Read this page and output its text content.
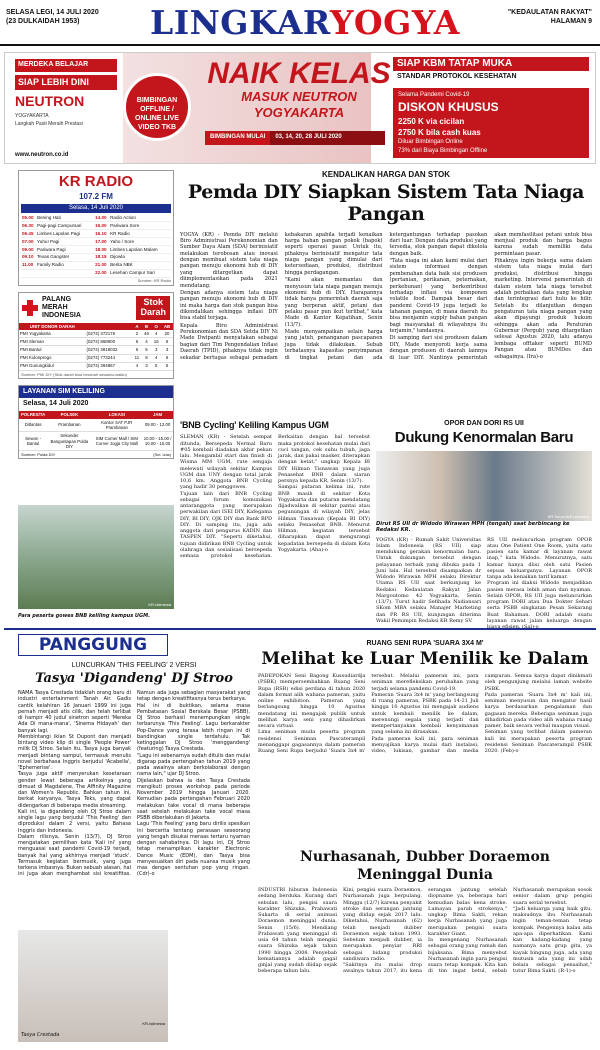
SELASA LEGI, 14 JULI 2020
(23 DULKAIDAH 1953)	LINGKARYOGYA	"KEDAULATAN RAKYAT"
HALAMAN 9
MERDEKA BELAJAR
SIAP LEBIH DINI
NEUTRON
YOGYAKARTA
Langkah Pasti Meraih Prestasi
www.neutron.co.id
BIMBINGAN OFFLINE / ONLINE LIVE VIDEO TKB
NAIK KELAS
MASUK NEUTRON YOGYAKARTA
BIMBINGAN MULAI	03, 14, 20, 28 JULI 2020
SIAP KBM TATAP MUKA
STANDAR PROTOKOL KESEHATAN
Selama Pandemi Covid-19
DISKON KHUSUS
2250 K via cicilan
2750 K bila cash kuas
Diluar Bimbingan Online
73% dari Biaya Bimbingan Offline
KR RADIO
107.2 FM
Selasa, 14 Juli 2020
05.00	Bening Hati	14.00	Radio Action
06.30	Pagi-pagi Campursari	16.00	Pariwara Sore
06.45	Limbes Lapolan Pagi	16.10	KR Radio
07.00	Yuhu! Pagi	17.00	Yaho / Sore
09.00	Pariwara Pagi	18.00	Limbes Lapolan Malam
09.10	Texas Gangster	18.15	Dijowla
11.00	Family Radio	21.00	Berita NBK
		22.00	Lesehan Campur Sari
Sumber: KR Radio
PALANG
MERAH
INDONESIA
Stok
Darah
UNIT DONOR DARAH		A	B	O	AB
PMI Yogyakarta	(0274) 372176	2	46	4	20
PMI Sleman	(0274) 868900	6	4	16	6
PMI Bantul	(0274) 3818032	6	5	3	3
PMI Kulonprogo	(0274) 773244	11	8	4	6
PMI Gunungkidul	(0274) 394867	4	3	5	5
Sumber: PMI DIY (Stok darah bisa berubah sewaktu-waktu)
LAYANAN SIM KELILING
Selasa, 14 Juli 2020
POLRES/TA	POLSEK	LOKASI	JAM
Ditlantas	Prambanan	Kantor SAT PJR Prambanan	09.00 - 12.00
Sewon - Bantul	Sekunder Banguntapan Polda DIY	SIM Corner Mall / SIM Corner Jogja City Mall	10.00 - 15.00 / 10.00 - 15.00
Sumber: Polda DIY	(Sei. Uas)
KENDALIKAN HARGA DAN STOK
Pemda DIY Siapkan Sistem Tata Niaga Pangan

YOGYA (KR) - Pemda DIY melalui Biro Administrasi Perekonomian dan Sumber Daya Alam (SDA) berinisiatif melakukan terobosan atau inovasi dengan membuat sistem tata niaga pangan menuju ekonomi hub di DIY yang ditargetkan dapat diimplementasikan pada 2021 mendatang.

Dengan adanya sistem tata niaga pangan menuju ekonomi hub di DIY ini maka harga dan stok pangan bisa dikendalikan sehingga inflasi DIY bisa stabil terjaga.

Kepala Biro Administrasi Perekonomian dan SDA Setda DIY Ni Made Dwipanti menyatakan sebagai bagian dari Tim Pengendalian Inflasi Daerah (TPID), pihaknya tidak ingin sekadar bertugas sebagai pemadam kebakaran apabila terjadi kenaikan harga bahan pangan pokok (bapok) seperti operasi pasar. Untuk itu, pihaknya berinisiatif mengatur tata niaga pangan yang dimulai dari ketersediaan, produksi, distribusi hingga perdagangan.

"Kami akan memantau dan menyusun tata niaga pangan menuju ekonomi hub di DIY. Harapannya tidak hanya pemerintah daerah saja yang berperan aktif, petani dan pelaku pasar pun ikut terlibat," kata Made di Kantor Kepatihan, Senin (13/7).

Made menyampaikan selain harga yang jatuh, penanganan pascapanen juga tidak dilakukan. Sebab terbatasnya kapasitas penyimpanan di tingkat petani dan ada ketergantungan terhadap pasokan dari luar. Dengan data produksi yang tersedia, stok pangan dapat dikelola dengan baik.

"Tata niaga ini akan kami mulai dari sistem informasi dengan pembenahan data baik sisi produsen (pertanian, perikanan, peternakan, perkebunan) yang berkontribusi terhadap inflasi via komponen volatile food. Dampak besar dari pandemi Covid-19 juga terjadi ke tahanan pangan, di mana daerah itu bisa menjamin supply bahan pangan bagi masyarakat di wilayahnya itu terjamin," tandasnya.

Di samping dari sisi produsen dalam DIY, Made menyoroti kerja sama dengan produsen di daerah lainnya di luar DIY. Nantinya pemerintah akan memfasilitasi petani untuk bisa menjual produk dan harga bagus karena sudah memiliki data permintaan pasar.

Pihaknya ingin bekerja sama dalam sistem tata niaga mulai dari produksi, distribusi hingga marketing. Intervensi pemerintah di dalam sistem tata niaga tersebut adalah perbaikan data yang lengkap dan terintegrasi dari hulu ke hilir. Setelah itu dilanjutkan dengan pengaturan tata niaga pangan yang akan dipayungi produk hukum sehingga akan ada Peraturan Gubernur (Pergub) yang ditargetkan selesai Agustus 2020, lalu adanya lembaga offtaker seperti BUMD Pangan atau BUMDes dan sebagainya. (Ira)-o

'BNB Cycling' Keliling Kampus UGM

SLEMAN (KR) - Setelah sempat ditunda, Bersepeda Nermal Baru #05 kembali diadakan akhir pekan lalu. Mengambil start dan finish di Wisma MM UGM, rute sengaja melewati wilayah sekitar Kampus UGM dan UNY dengan total jarak 10,6 km. Anggota BNB Cycling yang hadir 30 penggowes.

Tujuan lain dari BNB Cycling sebagai forum komunikasi antaranggota yang merupakan perwakilan dari ISEI DIY, Kafegama DIY, BI DIY, OJK DIY dan Bank BPD DIY. Di samping itu, juga ada anggota dari pengurus KADIN dan TASPEN DIY. "Seperti diketahui, tujuan didirikan BNB Cycling untuk olahraga dan sosialisasi bersepeda semasa protokol kesehatan. Berkaitan dengan hal tersebut maka protokol kesehatan mulai dari cuci tangan, cek suhu tubuh, jaga jarak, dan pakai masker, diterapkan dengan ketat," ungkap Kepala BI DIY Hilman Tisnawan yang juga Penasehat BNB dalam siaran persnya kepada KR, Senin (13/7).

Sampai putaran kelima ini, rute BNB masih di sekitar Kota Yogyakarta dan putaran mendatang dijadwalkan di sekitar pantai atau pegunungan di wilayah DIY, jelas Hilman Tisnawan (Kepala BI DIY) selaku Penasehat BNB. Menurut Hilman, kegiatan tersebut diharapkan dapat mengurangi kepadatan bersepeda di dalam Kota Yogyakarta. (Aha)-o

OPOR DAN DORI RS UII
Dukung Kenormalan Baru
KR Surya Adi Lesmana
Dirut RS UII dr Widodo Wirawan MPH (tengah) saat berbincang ke Redaksi KR.

YOGYA (KR) - Rumah Sakit Universitas Islam Indonesia (RS UII) siap mendukung gerakan kenormalan baru. Untuk dukungan tersebut dengan pelayanan terbaik yang dibuka pada 1 Juni lalu. Hal tersebut disampaikan dr Widodo Wirawan MPH selaku Direktur Utama RS UII saat berkunjung ke Redaksi Kedaulatan Rakyat Jalan Margoutomo 42 Yogyakarta, Senin (13/7). Turut hadir Sefihada Nadiansari SKom MBA selaku Manajer Marketing dan PR RS UII, kunjungan diterima Wakil Pemimpin Redaksi KR Remy SV.

RS UII meluncurkan program OPOR atau One Patient One Room, yaitu satu pasien satu kamar di layanan rawat inap," kata Widodo. Menurutnya, satu kamar hanya diisi oleh satu Pasien sepuas keluarganya. Layanan OPOR tanpa ada kenaikan tarif kamar.

Program ini diakui Widodo menjadikan pasien merasa lebih aman dan nyaman. Selain OPOR, RS UII juga meluncurkan program DORI atau Dua Dokter Sehari serta PSBB singkatan Pesan Sekarang Buat Bahaman. DORI adalah suatu layanan rawat jalan keluarga dengan biaya efisien. (Sal)-o

KR-Istimewa
Para peserta gowes BNB keliling kampus UGM.
PANGGUNG
LUNCURKAN 'THIS FEELING' 2 VERSI
Tasya 'Digandeng' DJ Stroo

NAMA Tasya Crestada tidaklah orang baru di industri entertainment Tanah Air. Gadis cantik kelahiran 16 Januari 1999 ini juga pernah menjadi atis cilik, dan telah terlibat di hampir 40 judul sinetron seperti 'Mereka Ada Di mana-mana', 'Sinema Hidayah' dan banyak lagi.

Membintangi iklan St Dupont dan menjadi bintang video klip di single 'People Power' milik DJ Stroo. Selain itu, Tasya juga banyak menjadi bintang sampul, termasuk menulis novel berbahasa Inggris berjudul 'Acabella', 'Ephemerise'.

Tasya juga aktif menyerukan kesetaraan gender lewat beberapa artikelnya yang dimuat di Magdalene, The Affinity Magazine dan Women's Republic. Bahkan tahun ini, berkat karyanya, Tasya Teks, yang dapat didengarkan di beberapa media streaming.

Kali ini, ia digandeng oleh DJ Stroo dalam single lagu yang berjudul 'This Feeling' dan diproduksi dalam 2 versi, yaitu Bahasa Inggris dan Indonesia.

Dalam rilisnya, Senin (13/7), DJ Stroo mengatakan pemilihan kata 'Kali ini' yang menguasai saat pandemi Covid-19 terjadi, banyak hal yang akhirnya menjadi 'stuck'. Termasuk kegiatan bermusik, yang juga terkena imbasnya. Bukan sebuah alasan, hal ini juga akan menghambat sisi kreatifitas. Namun ada juga sebagian masyarakat yang tetap dengan kreatifitasnya terus berkarya.

Hal ini di buktikan, selama masa Pembatasan Sosial Berskala Besar (PSBB), DJ Stroo berhasil menempungkan single terbarunya 'This Feeling'. Lagu berkarakter Pop-Dance yang terasa lebih ringan ini di bandingkan single terdahulu. Tak ketinggalan DJ Stroo 'menggandeng' (featuring) Tasya Crestada.

"Lagu ini sebenarnya sudah ditulis dan mulai digarap pada pertengahan tahun 2019 yang pada awalnya akan berkolaborasi dengan nama lain," ujar DJ Stroo.

Dijelaskan bahwa ia dan Tasya Crestada mengikuti proses workshop pada periode November 2019 hingga Januari 2020. Kemudian pada pertengahan Februari 2020 melakukan take vocal di mana beberapa saat setelah melakukan take vocal masa PSBB diberlakukan di Jakarta.

Lagu 'This Feeling' yang baru dirilis spesikan ini bercerita tentang perasaan seseorang yang tengah disukai meraas tertaru nyaman dengan sahabatnya. Di lagu ini, DJ Stroo tetap menampilkan karakter Electronic Dance Music (EDM), dan Tasya bisa menyesuaikan diri pada nuansa musik yang mas dengan sentuhan pop yang ringan. (Cdr)-o

KR-Istimewa
Tasya Crestada
RUANG SENI RUPA 'SUARA 3X4 M'
Melihat ke Luar Menilik ke Dalam

PADEPOKAN Seni Bagong Kussudiardja (PSBK) mempersembahkan Ruang Seni Rupa (RSR) edisi perdana di tahun 2020 dalam format alih wahana pameran, yaitu online exhibition. Pameran yang berlangsung hingga 10 Agustus mendatang ini mengajak publik untuk melihat karya seni yang dihadirkan secara virtual.

Lima seniman muda peserta program residensi Seniman Pascaterampil menanggapi gagasannya dalam pameran Ruang Seni Rupa berjudul 'Suara 3x4 m' tersebut. Melalui pameran ini, para seniman merefleksikan perubahan yang terjadi selama pandemi Covid-19.

Pameran 'Suara 3x4 m' yang berlangsung di ruang pameran, PSBK pada 14-21 Juli hingga 10 Agustus ini mengajak audiens untuk kembali menilik ke dalam, merenungi segala yang terjadi dan mempertanyakan kembali kenyamanan yang selama ini dirasakan.

Pada pameran kali ini, para seniman menyajikan karya mulai dari instalasi, video, lukisan, gambar dan media campuran. Semua karya dapat dinikmati oleh pengunjung melalui laman website PSBK.

Pada pameran 'Suara 3x4 m' kali ini, seniman menyusun dan mengatur hasil karya berdasarkan pengalaman dan gagasan mereka. Beberapa seniman juga dihadirkan pada video alih wahana ruang pamer, baik secara verbal maupun visual.

Seniman yang terlibat dalam pameran kali ini merupakan peserta program residensi Seniman Pascaterampil PSBK 2020. (Feb)-o

Nurhasanah, Dubber Doraemon Meninggal Dunia

INDUSTRI hiburan Indonesia sedang berduka. Kurang dari sebulan lalu, pengisi suara karakter Shizuka, Prabawati Sukarta di serial animasi Doraemon meninggal dunia, Senin (15/6). Mendiang Prabawati yang meninggal di usia 64 tahun telah mengisi suara Shizuka sejak tahun 1990 hingga 2008. Penyebab kematiannya adalah gagal ginjal yang sudah diidap sejak beberapa tahun lalu.

Kini, pengisi suara Doraemon, Nurhasanah juga berpulang, Minggu (12/7) karena penyakit stroke dan serangan jantung yang diidap sejak 2017 lalu. Diketahui, Nurhasanah (62) telah menjadi dubber Doraemon sejak tahun 1993. Sebelum menjadi dubber, ia merupakan penyiar RRI sebagai bidang produksi sandiwara radio.

"Sakitnya itu mulai drop awalnya tahun 2017, itu kena serangan jantung setelah diopname ya, beberapa hari kemudian balas kena stroke. Lumayan parah strokenya," ungkap Bima Sakti, rekan kerja Nurhasanah yang juga merupakan pengisi suara karakter Giant.

Ia mengenang Nurhasanah sebagai orang yang ramah dan bijaksana. Bima menyebut Nurhasanah ingin para pengisi suara tetap kompak. Kita kan di tim ingat betul, sebab Nurhasanah merupakan sosok senior dalam grup pengisi suara serial tersebut.

"Jadi keluarga yang baik gitu, maksudnya ibu Nurhasanah ingin teman-teman tetap kompak. Pengennya kalau ada apa-apa diperhatikan. Kami kan kadang-kadang yang namanya satu grup gitu, ya kayak bingung juga, ada yang mutusin ada yang ini udah belaiu sebagai penasihat," tutur Bima Sakti. (R-1)-o
